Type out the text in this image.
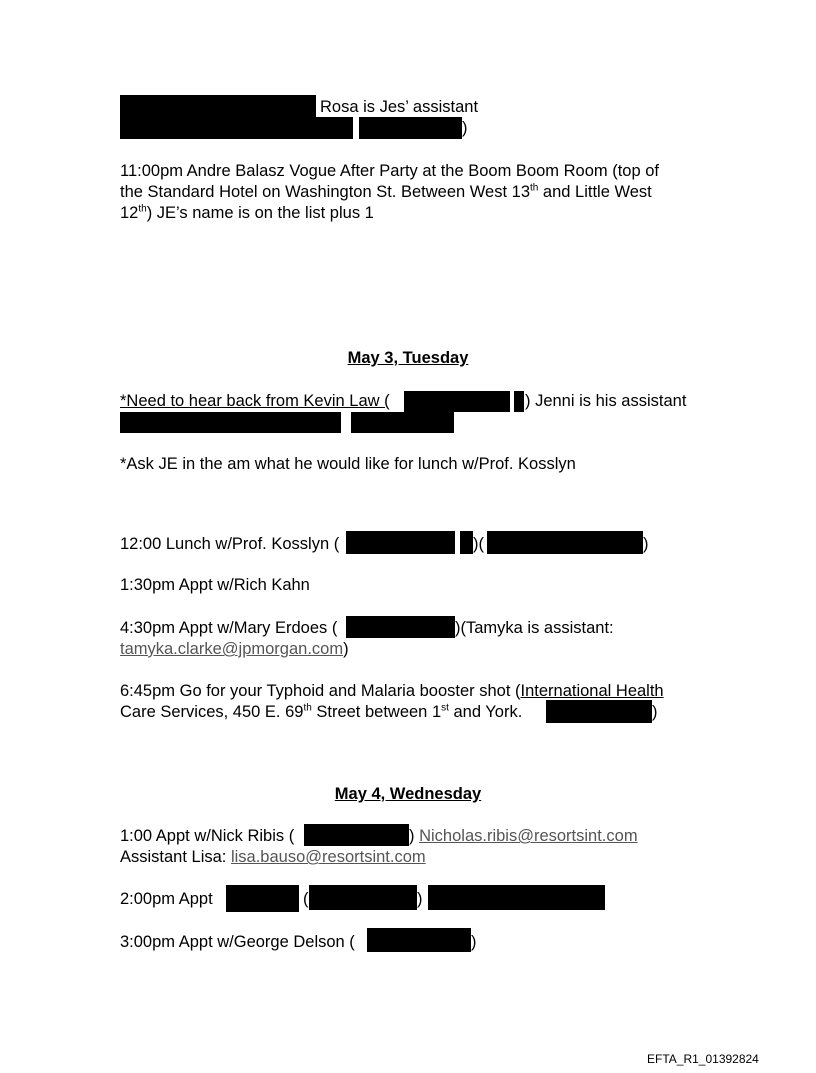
Rosa is Jes’ assistant
)
11:00pm Andre Balasz Vogue After Party at the Boom Boom Room (top of
the Standard Hotel on Washington St. Between West 13th and Little West
12th) JE’s name is on the list plus 1
May 3, Tuesday
*Need to hear back from Kevin Law (	) Jenni is his assistant
*Ask JE in the am what he would like for lunch w/Prof. Kosslyn
12:00 Lunch w/Prof. Kosslyn (	)(	)
1:30pm Appt w/Rich Kahn
4:30pm Appt w/Mary Erdoes (	)(Tamyka is assistant:
tamyka.clarke@jpmorgan.com)
6:45pm Go for your Typhoid and Malaria booster shot (International Health
Care Services, 450 E. 69th Street between 1st and York.	)
May 4, Wednesday
1:00 Appt w/Nick Ribis (	) Nicholas.ribis@resortsint.com
Assistant Lisa: lisa.bauso@resortsint.com
2:00pm Appt	(	)
3:00pm Appt w/George Delson (	)
EFTA_R1_01392824
